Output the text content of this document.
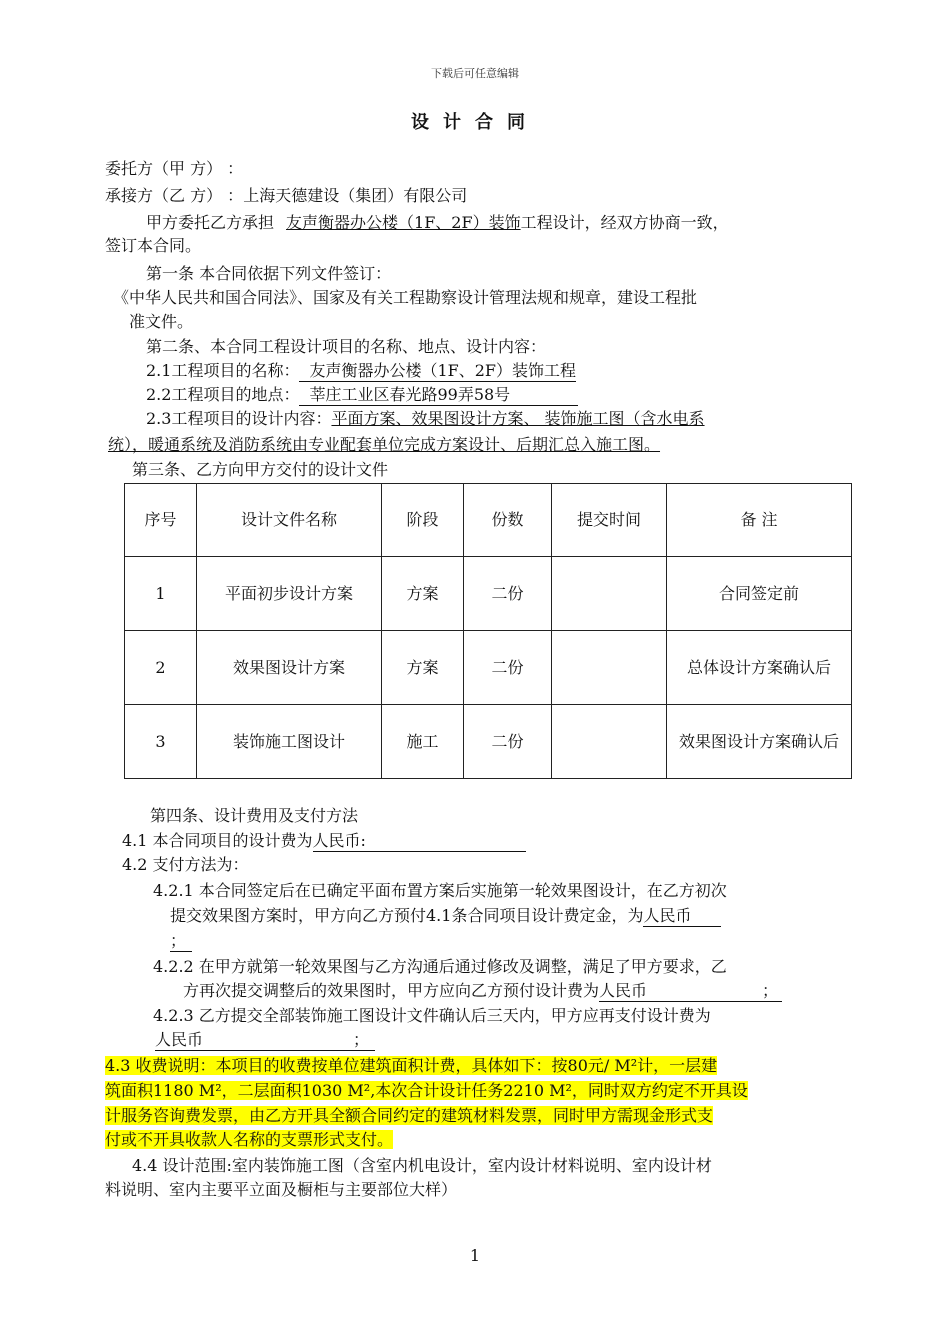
下载后可任意编辑
设计合同
委托方（甲 方） ：
承接方（乙 方） ：上海天德建设（集团）有限公司
甲方委托乙方承担 友声衡器办公楼（1F、2F）装饰工程设计，经双方协商一致，
签订本合同。
第一条 本合同依据下列文件签订：
《中华人民共和国合同法》、国家及有关工程勘察设计管理法规和规章，建设工程批
准文件。
第二条、本合同工程设计项目的名称、地点、设计内容：
2.1工程项目的名称： 友声衡器办公楼（1F、2F）装饰工程
2.2工程项目的地点： 莘庄工业区春光路99弄58号
2.3工程项目的设计内容：平面方案、效果图设计方案、 装饰施工图（含水电系
统），暖通系统及消防系统由专业配套单位完成方案设计、后期汇总入施工图。
第三条、乙方向甲方交付的设计文件
序号	设计文件名称	阶段	份数	提交时间	备 注
1	平面初步设计方案	方案	二份		合同签定前
2	效果图设计方案	方案	二份		总体设计方案确认后
3	装饰施工图设计	施工	二份		效果图设计方案确认后
第四条、设计费用及支付方法
4.1 本合同项目的设计费为人民币:
4.2 支付方法为：
4.2.1 本合同签定后在已确定平面布置方案后实施第一轮效果图设计，在乙方初次
提交效果图方案时，甲方向乙方预付4.1条合同项目设计费定金，为人民币
；
4.2.2 在甲方就第一轮效果图与乙方沟通后通过修改及调整，满足了甲方要求，乙
方再次提交调整后的效果图时，甲方应向乙方预付设计费为人民币	；
4.2.3 乙方提交全部装饰施工图设计文件确认后三天内，甲方应再支付设计费为
人民币	；
4.3 收费说明：本项目的收费按单位建筑面积计费，具体如下：按80元/ M²计，一层建
筑面积1180 M²，二层面积1030 M²,本次合计设计任务2210 M²，同时双方约定不开具设
计服务咨询费发票，由乙方开具全额合同约定的建筑材料发票，同时甲方需现金形式支
付或不开具收款人名称的支票形式支付。
4.4 设计范围:室内装饰施工图（含室内机电设计，室内设计材料说明、室内设计材
料说明、室内主要平立面及橱柜与主要部位大样）
1
